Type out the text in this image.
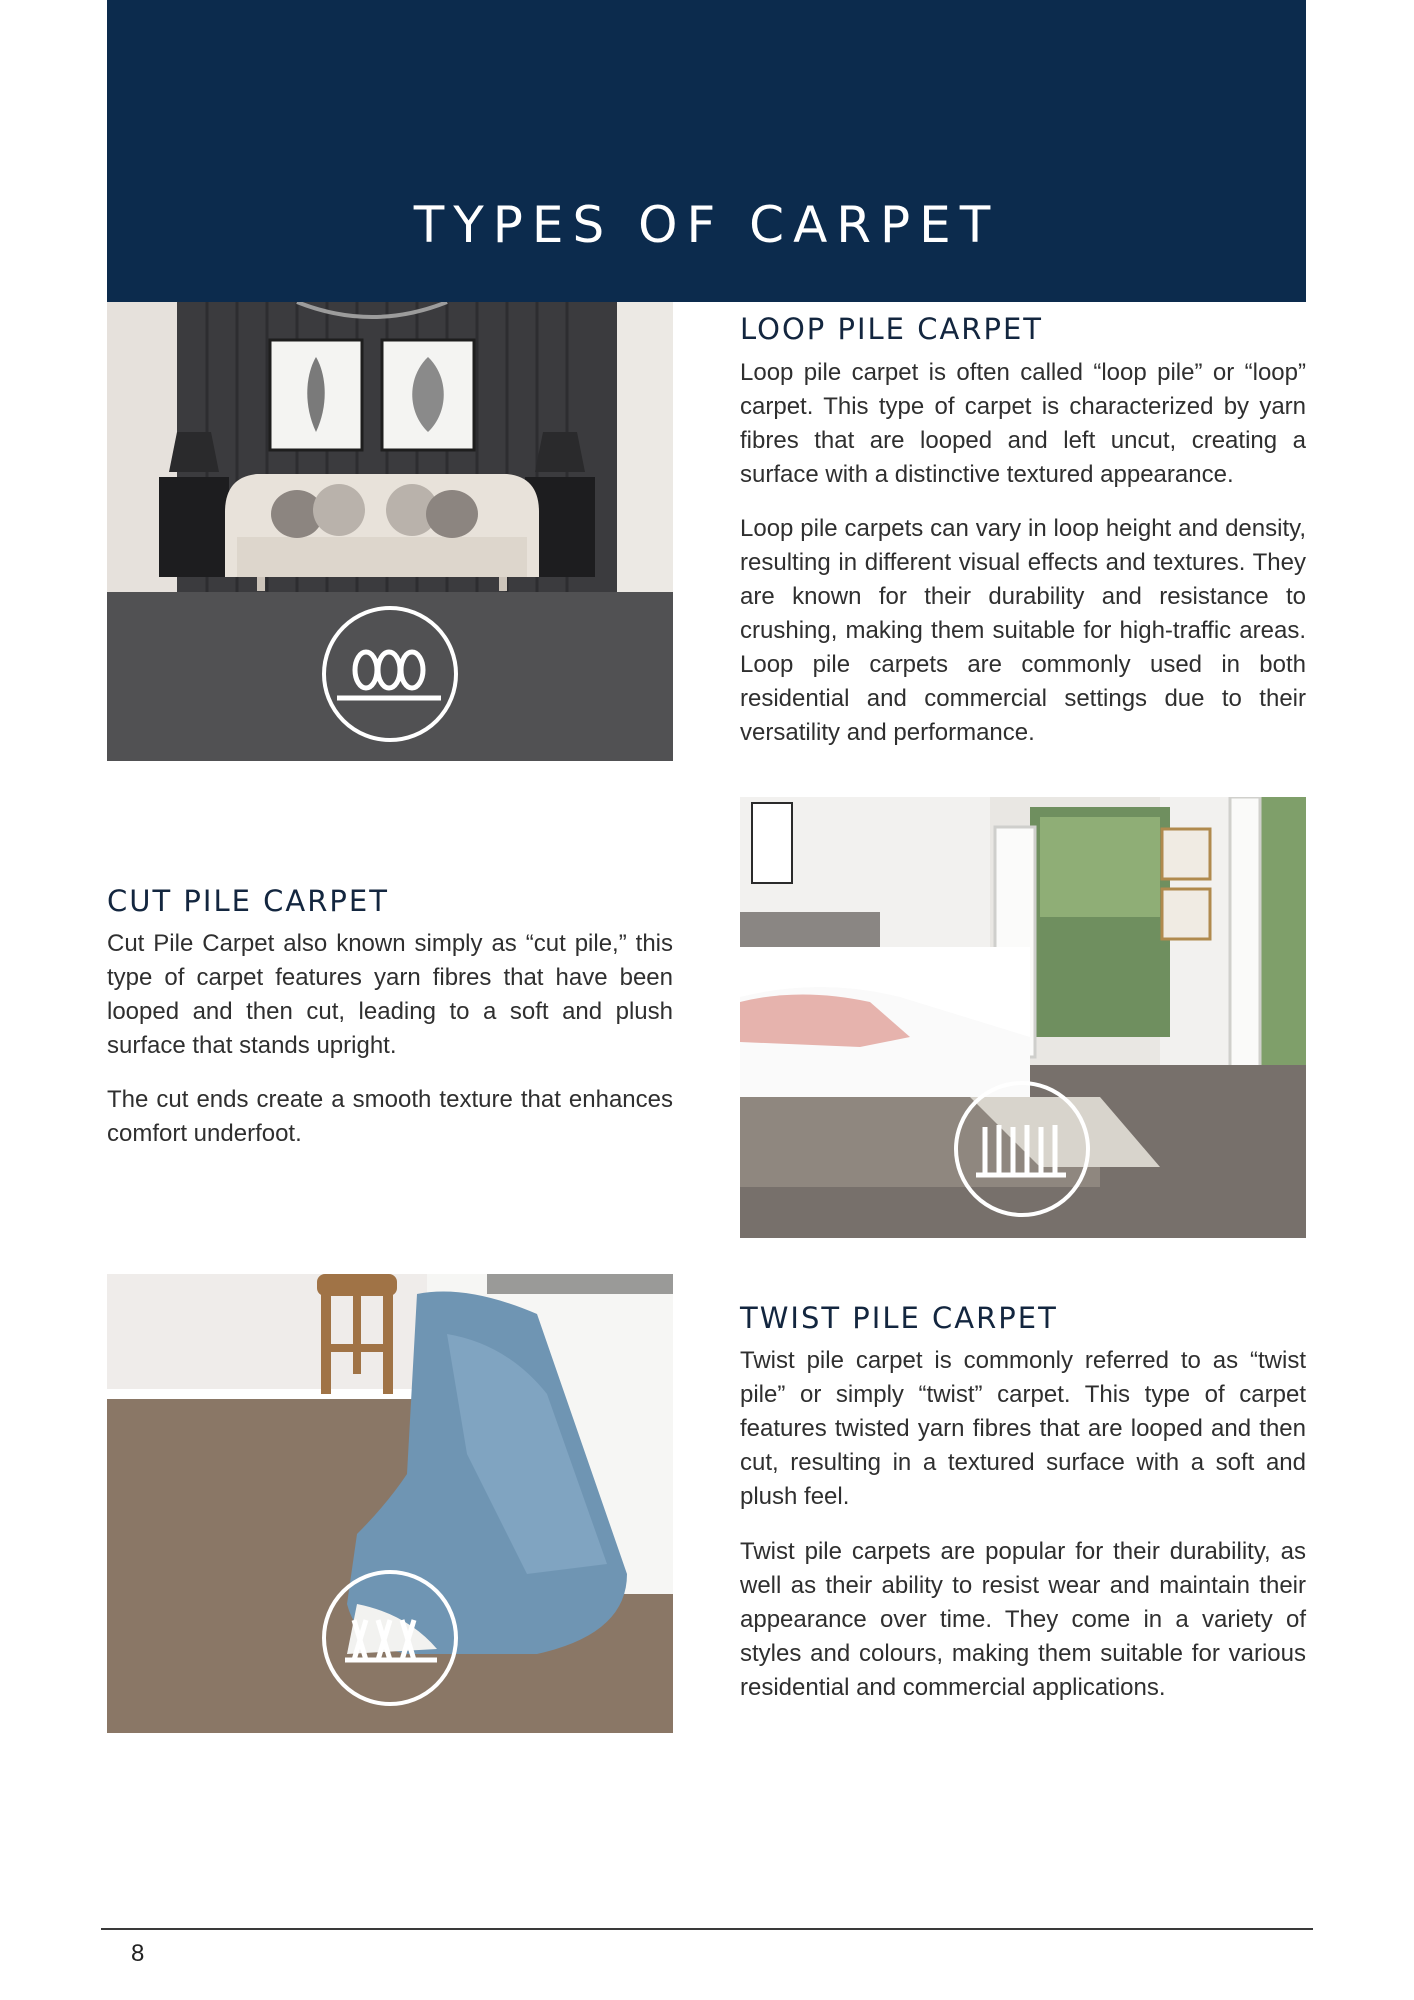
TYPES OF CARPET
LOOP PILE CARPET

Loop pile carpet is often called “loop pile” or “loop” carpet. This type of carpet is characterized by yarn fibres that are looped and left uncut, creating a surface with a distinctive textured appearance.

Loop pile carpets can vary in loop height and density, resulting in different visual effects and textures. They are known for their durability and resistance to crushing, making them suitable for high-traffic areas. Loop pile carpets are commonly used in both residential and commercial settings due to their versatility and performance.

CUT PILE CARPET

Cut Pile Carpet also known simply as “cut pile,” this type of carpet features yarn fibres that have been looped and then cut, leading to a soft and plush surface that stands upright.

The cut ends create a smooth texture that enhances comfort underfoot.

TWIST PILE CARPET

Twist pile carpet is commonly referred to as “twist pile” or simply “twist” carpet. This type of carpet features twisted yarn fibres that are looped and then cut, resulting in a textured surface with a soft and plush feel.

Twist pile carpets are popular for their durability, as well as their ability to resist wear and maintain their appearance over time. They come in a variety of styles and colours, making them suitable for various residential and commercial applications.

8
